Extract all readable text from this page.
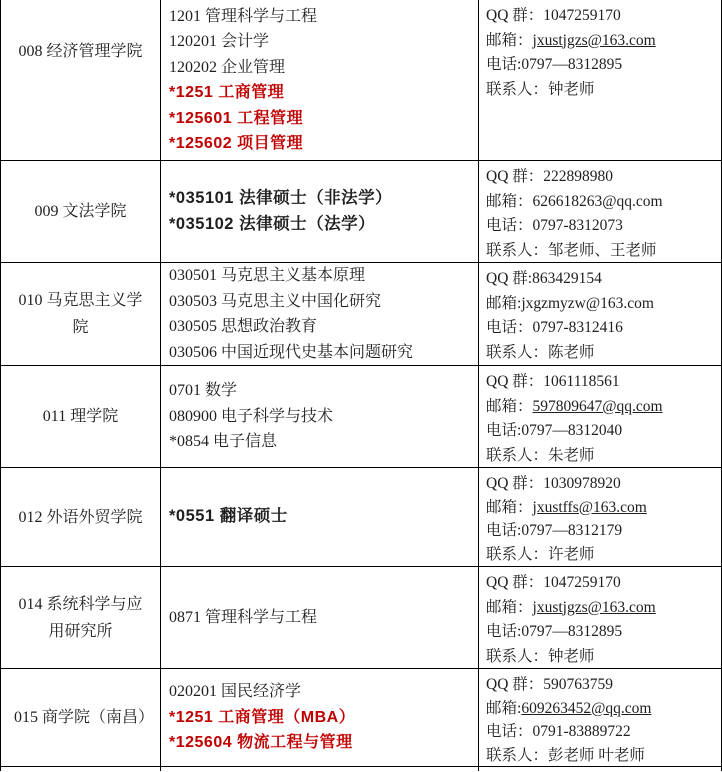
008 经济管理学院
1201 管理科学与工程
120201 会计学
120202 企业管理
*1251 工商管理
*125601 工程管理
*125602 项目管理
QQ 群：1047259170
邮箱：jxustjgzs@163.com
电话:0797—8312895
联系人：钟老师
009 文法学院
*035101 法律硕士（非法学）
*035102 法律硕士（法学）
QQ 群：222898980
邮箱：626618263@qq.com
电话：0797-8312073
联系人：邹老师、王老师
010 马克思主义学院
030501 马克思主义基本原理
030503 马克思主义中国化研究
030505 思想政治教育
030506 中国近现代史基本问题研究
QQ 群:863429154
邮箱:jxgzmyzw@163.com
电话：0797-8312416
联系人：陈老师
011 理学院
0701 数学
080900 电子科学与技术
*0854 电子信息
QQ 群：1061118561
邮箱：597809647@qq.com
电话:0797—8312040
联系人：朱老师
012 外语外贸学院	*0551 翻译硕士
QQ 群：1030978920
邮箱：jxustffs@163.com
电话:0797—8312179
联系人：许老师
014 系统科学与应用研究所
0871 管理科学与工程
QQ 群：1047259170
邮箱：jxustjgzs@163.com
电话:0797—8312895
联系人：钟老师
015 商学院（南昌）
020201 国民经济学
*1251 工商管理（MBA）
*125604 物流工程与管理
QQ 群：590763759
邮箱:609263452@qq.com
电话：0791-83889722
联系人：彭老师 叶老师
